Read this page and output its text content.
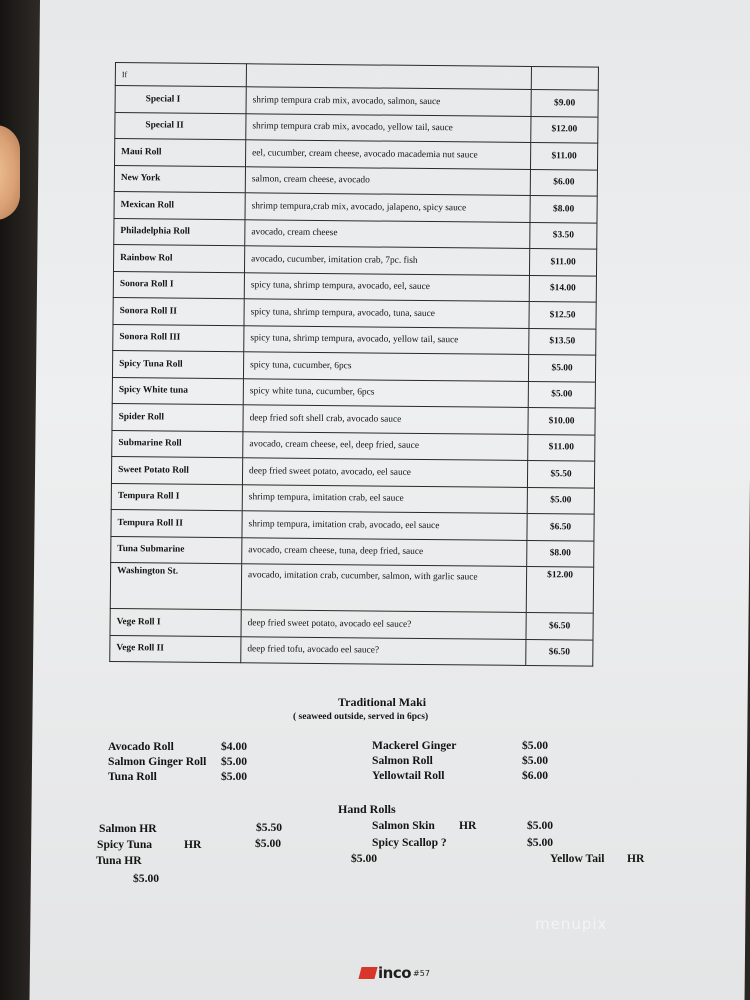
If		
Special I	shrimp tempura crab mix, avocado, salmon, sauce	$9.00
Special II	shrimp tempura crab mix, avocado, yellow tail, sauce	$12.00
Maui Roll	eel, cucumber, cream cheese, avocado macademia nut sauce	$11.00
New York	salmon, cream cheese, avocado	$6.00
Mexican Roll	shrimp tempura,crab mix, avocado, jalapeno, spicy sauce	$8.00
Philadelphia Roll	avocado, cream cheese	$3.50
Rainbow Rol	avocado, cucumber, imitation crab, 7pc. fish	$11.00
Sonora Roll I	spicy tuna, shrimp tempura, avocado, eel, sauce	$14.00
Sonora Roll II	spicy tuna, shrimp tempura, avocado, tuna, sauce	$12.50
Sonora Roll III	spicy tuna, shrimp tempura, avocado, yellow tail, sauce	$13.50
Spicy Tuna Roll	spicy tuna, cucumber, 6pcs	$5.00
Spicy White tuna	spicy white tuna, cucumber, 6pcs	$5.00
Spider Roll	deep fried soft shell crab, avocado sauce	$10.00
Submarine Roll	avocado, cream cheese, eel, deep fried, sauce	$11.00
Sweet Potato Roll	deep fried sweet potato, avocado, eel sauce	$5.50
Tempura Roll I	shrimp tempura, imitation crab, eel sauce	$5.00
Tempura Roll II	shrimp tempura, imitation crab, avocado, eel sauce	$6.50
Tuna Submarine	avocado, cream cheese, tuna, deep fried, sauce	$8.00
Washington St.	avocado, imitation crab, cucumber, salmon, with garlic sauce	$12.00
Vege Roll I	deep fried sweet potato, avocado eel sauce?	$6.50
Vege Roll II	deep fried tofu, avocado eel sauce?	$6.50
Traditional Maki
( seaweed outside, served in 6pcs)
Avocado Roll	$4.00
Salmon Ginger Roll $5.00
Tuna Roll	$5.00
Mackerel Ginger	$5.00
Salmon Roll	$5.00
Yellowtail Roll	$6.00
Hand Rolls
Salmon HR	$5.50
Spicy Tuna	HR	$5.00
Tuna HR
$5.00
Salmon Skin HR	$5.00
Spicy Scallop ?	$5.00
$5.00	Yellow Tail HR
inco #57
menupix
